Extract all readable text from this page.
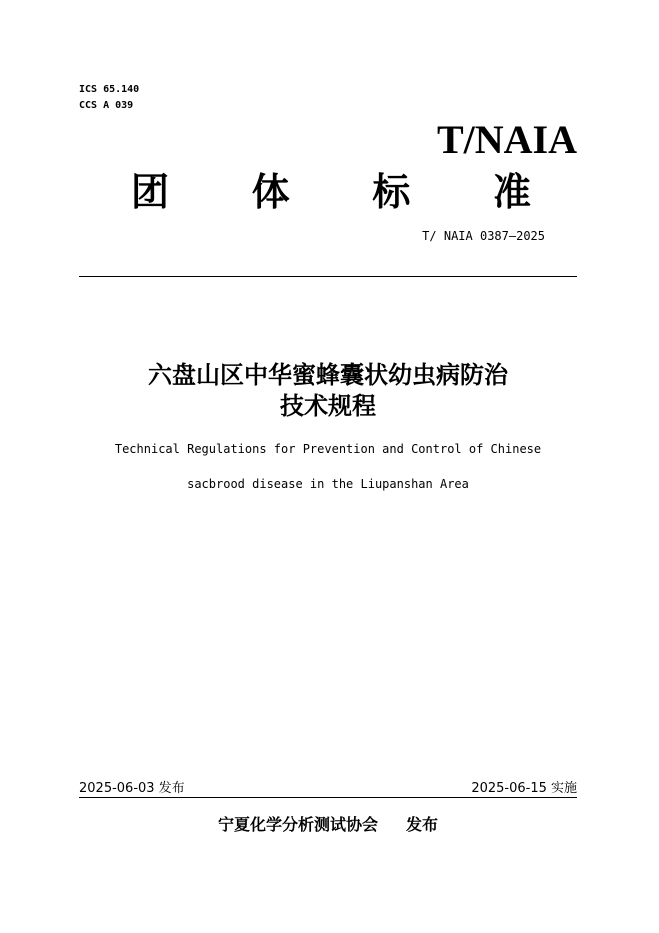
ICS 65.140
CCS A 039
T/NAIA
团 体 标 准
T/ NAIA 0387—2025
六盘山区中华蜜蜂囊状幼虫病防治
技术规程
Technical Regulations for Prevention and Control of Chinese
sacbrood disease in the Liupanshan Area
2025-06-03 发布	2025-06-15 实施
宁夏化学分析测试协会 发布
